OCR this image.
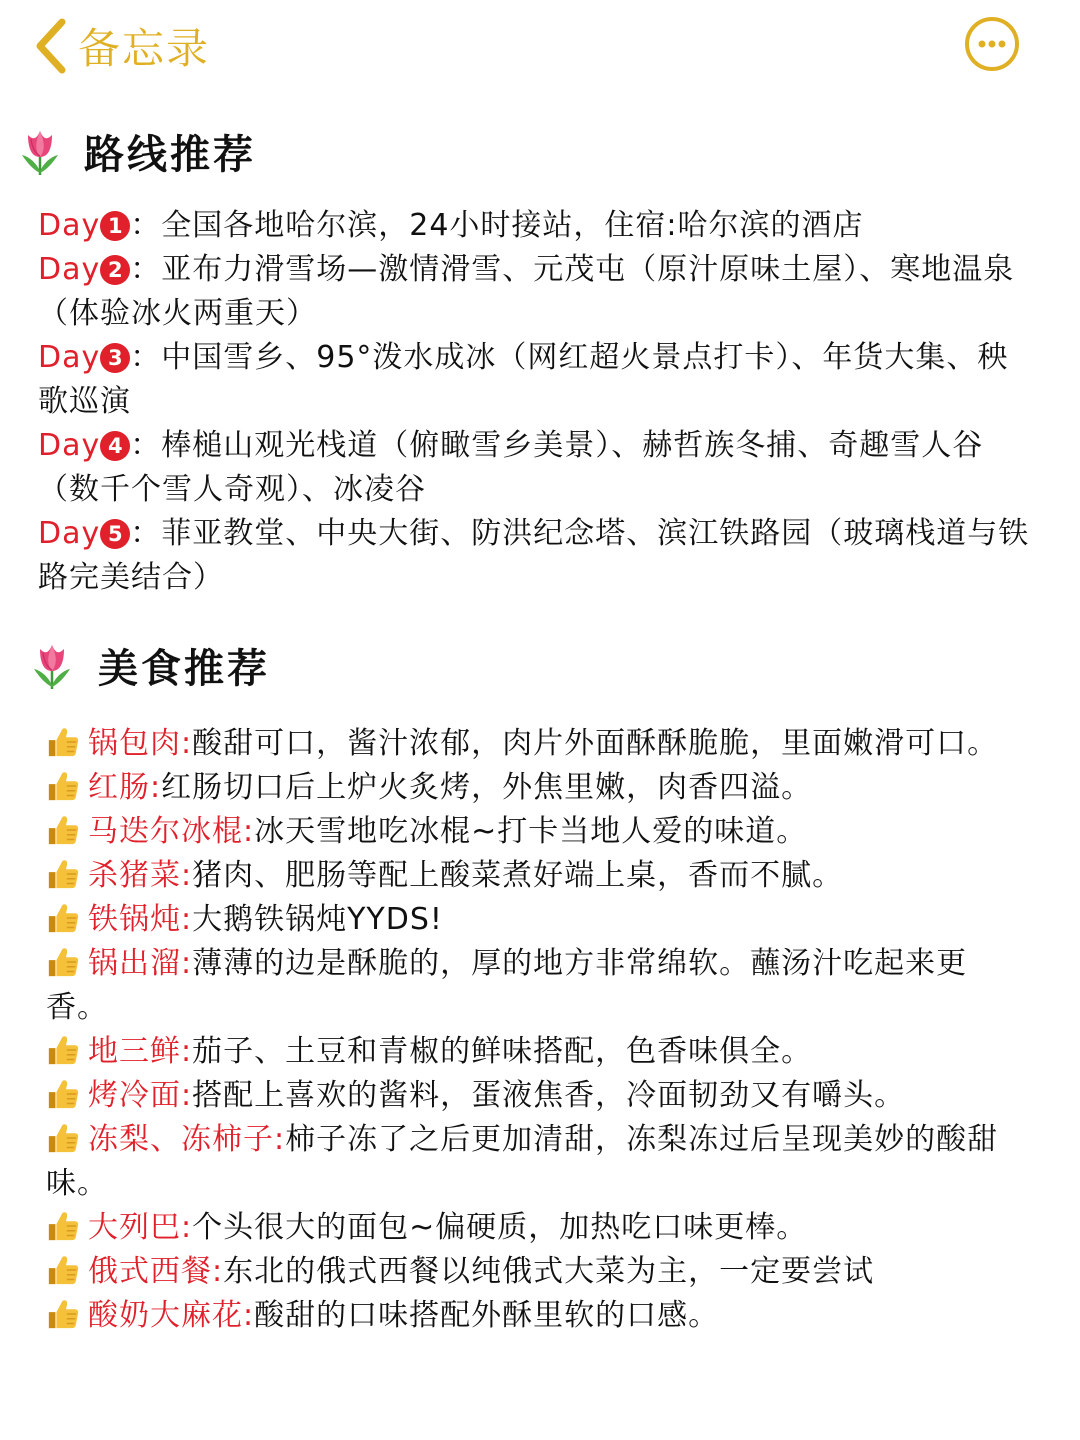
备忘录
路线推荐
Day 1 ：全国各地哈尔滨，24小时接站，住宿:哈尔滨的酒店
Day 2 ：亚布力滑雪场—激情滑雪、元茂屯（原汁原味土屋）、寒地温泉（体验冰火两重天）
Day 3 ：中国雪乡、95°泼水成冰（网红超火景点打卡）、年货大集、秧歌巡演
Day 4 ：棒槌山观光栈道（俯瞰雪乡美景）、赫哲族冬捕、奇趣雪人谷（数千个雪人奇观）、冰凌谷
Day 5 ：菲亚教堂、中央大街、防洪纪念塔、滨江铁路园（玻璃栈道与铁路完美结合）
美食推荐
锅包肉:酸甜可口，酱汁浓郁，肉片外面酥酥脆脆，里面嫩滑可口。
红肠:红肠切口后上炉火炙烤，外焦里嫩，肉香四溢。
马迭尔冰棍:冰天雪地吃冰棍~打卡当地人爱的味道。
杀猪菜:猪肉、肥肠等配上酸菜煮好端上桌，香而不腻。
铁锅炖:大鹅铁锅炖YYDS!
锅出溜:薄薄的边是酥脆的，厚的地方非常绵软。蘸汤汁吃起来更香。
地三鲜:茄子、土豆和青椒的鲜味搭配，色香味俱全。
烤冷面:搭配上喜欢的酱料，蛋液焦香，冷面韧劲又有嚼头。
冻梨、冻柿子:柿子冻了之后更加清甜，冻梨冻过后呈现美妙的酸甜味。
大列巴:个头很大的面包~偏硬质，加热吃口味更棒。
俄式西餐:东北的俄式西餐以纯俄式大菜为主，一定要尝试
酸奶大麻花:酸甜的口味搭配外酥里软的口感。
